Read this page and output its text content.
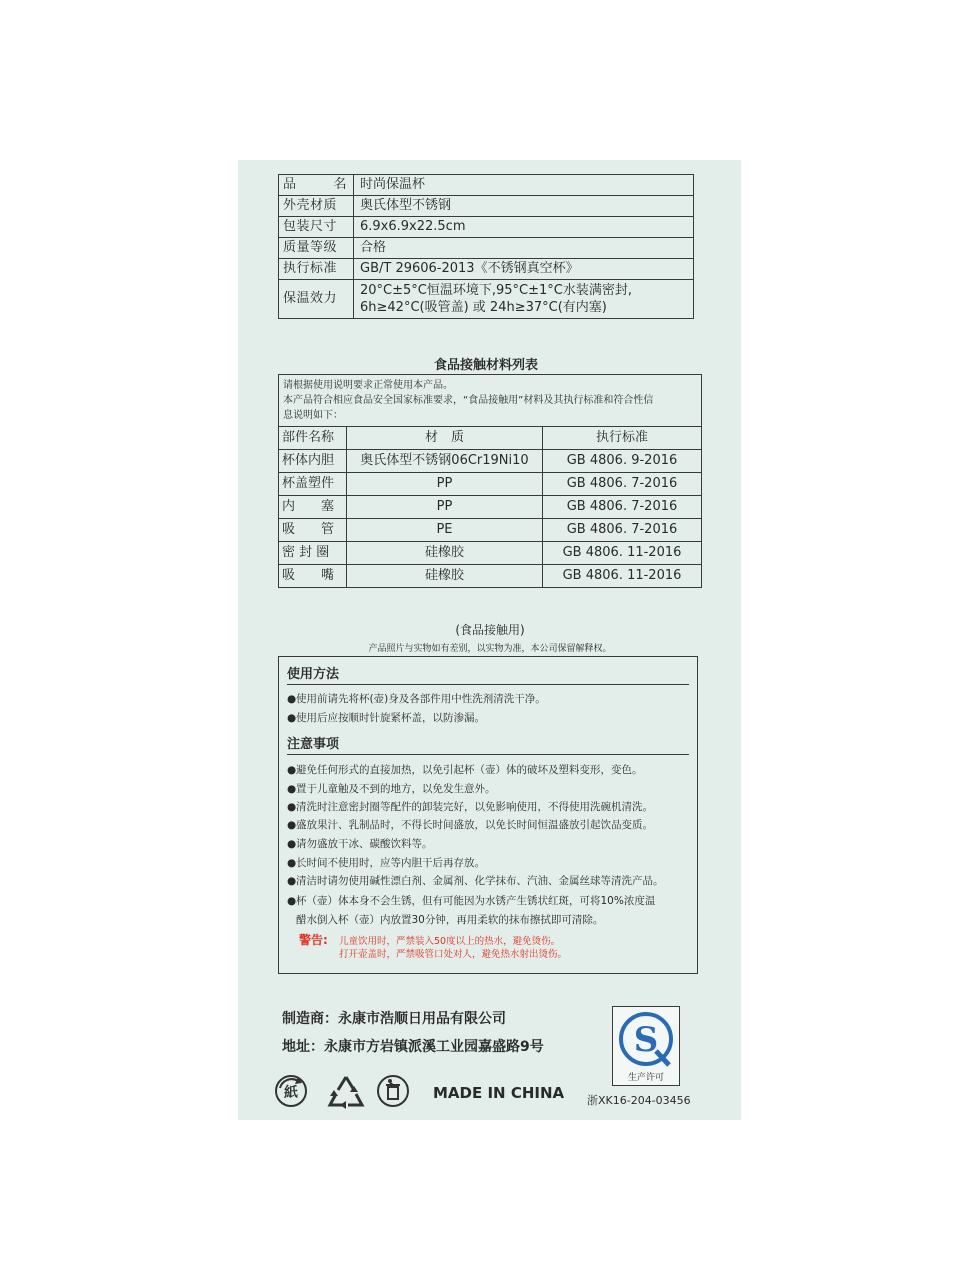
品 名	时尚保温杯
外壳材质	奥氏体型不锈钢
包装尺寸	6.9x6.9x22.5cm
质量等级	合格
执行标准	GB/T 29606-2013《不锈钢真空杯》
保温效力	20°C±5°C恒温环境下,95°C±1°C水装满密封,
6h≥42°C(吸管盖) 或 24h≥37°C(有内塞)
食品接触材料列表
请根据使用说明要求正常使用本产品。
本产品符合相应食品安全国家标准要求，“食品接触用”材料及其执行标准和符合性信
息说明如下：		

部件名称	材　质	执行标准
杯体内胆	奥氏体型不锈钢06Cr19Ni10	GB 4806. 9-2016
杯盖塑件	PP	GB 4806. 7-2016
内　　塞	PP	GB 4806. 7-2016
吸　　管	PE	GB 4806. 7-2016
密 封 圈	硅橡胶	GB 4806. 11-2016
吸　　嘴	硅橡胶	GB 4806. 11-2016
(食品接触用)
产品照片与实物如有差别，以实物为准，本公司保留解释权。
使用方法
●使用前请先将杯(壶)身及各部件用中性洗剂清洗干净。
●使用后应按顺时针旋紧杯盖，以防渗漏。
注意事项
●避免任何形式的直接加热，以免引起杯（壶）体的破坏及塑料变形，变色。
●置于儿童触及不到的地方，以免发生意外。
●清洗时注意密封圈等配件的卸装完好，以免影响使用，不得使用洗碗机清洗。
●盛放果汁、乳制品时，不得长时间盛放，以免长时间恒温盛放引起饮品变质。
●请勿盛放干冰、碳酸饮料等。
●长时间不使用时，应等内胆干后再存放。
●清洁时请勿使用碱性漂白剂、金属剂、化学抹布、汽油、金属丝球等清洗产品。
●杯（壶）体本身不会生锈，但有可能因为水锈产生锈状红斑，可将10%浓度温
醋水倒入杯（壶）内放置30分钟，再用柔软的抹布擦拭即可清除。
警告: 儿童饮用时，严禁装入50度以上的热水，避免烫伤。
打开壶盖时，严禁吸管口处对人，避免热水射出烫伤。
制造商：永康市浩顺日用品有限公司
地址：永康市方岩镇派溪工业园嘉盛路9号	S
生产许可
浙XK16-204-03456
紙	MADE IN CHINA
